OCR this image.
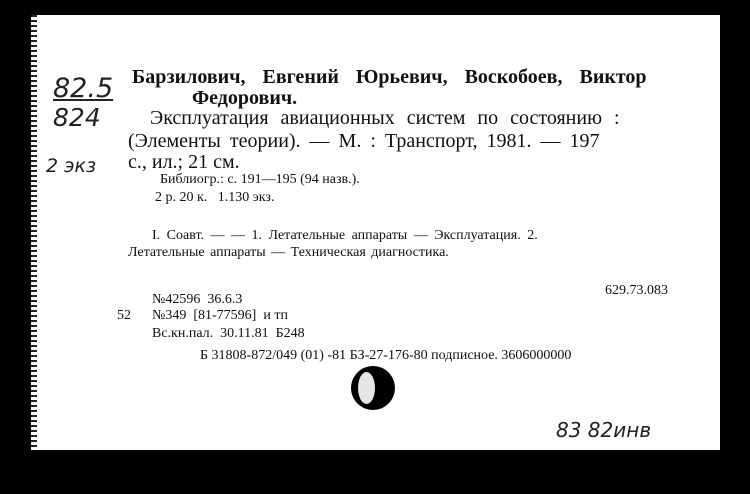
82.5
824
2 экз
Барзилович, Евгений Юрьевич, Воскобоев, Виктор
Федорович.
Эксплуатация авиационных систем по состоянию :
(Элементы теории). — М. : Транспорт, 1981. — 197
с., ил.; 21 см.
Библиогр.: с. 191—195 (94 назв.).
2 р. 20 к.   1.130 экз.
I. Соавт. — — 1. Летательные аппараты — Эксплуатация. 2.
Летательные аппараты — Техническая диагностика.
629.73.083
№42596  36.6.3
52 №349  [81-77596]  и тп
Вс.кн.пал.  30.11.81  Б248
Б 31808-872/049 (01) -81 БЗ-27-176-80 подписное. 3606000000
83 82инв
